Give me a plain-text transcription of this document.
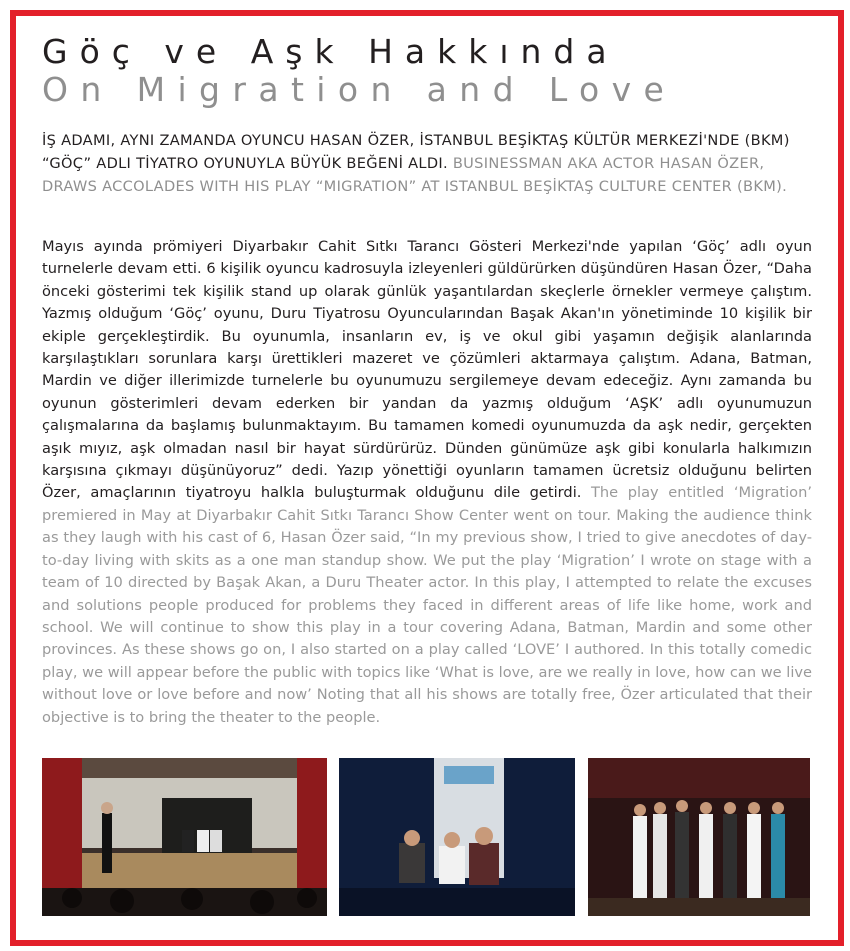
Göç ve Aşk Hakkında
On Migration and Love
İŞ ADAMI, AYNI ZAMANDA OYUNCU HASAN ÖZER, İSTANBUL BEŞİKTAŞ KÜLTÜR MERKEZİ'NDE (BKM) “GÖÇ” ADLI TİYATRO OYUNUYLA BÜYÜK BEĞENİ ALDI. BUSINESSMAN AKA ACTOR HASAN ÖZER, DRAWS ACCOLADES WITH HIS PLAY “MIGRATION” AT ISTANBUL BEŞİKTAŞ CULTURE CENTER (BKM).
Mayıs ayında prömiyeri Diyarbakır Cahit Sıtkı Tarancı Gösteri Merkezi'nde yapılan ‘Göç’ adlı oyun turnelerle devam etti. 6 kişilik oyuncu kadrosuyla izleyenleri güldürürken düşündüren Hasan Özer, “Daha önceki gösterimi tek kişilik stand up olarak günlük yaşantılardan skeçlerle örnekler vermeye çalıştım. Yazmış olduğum ‘Göç’ oyunu, Duru Tiyatrosu Oyuncularından Başak Akan'ın yönetiminde 10 kişilik bir ekiple gerçekleştirdik. Bu oyunumla, insanların ev, iş ve okul gibi yaşamın değişik alanlarında karşılaştıkları sorunlara karşı ürettikleri mazeret ve çözümleri aktarmaya çalıştım. Adana, Batman, Mardin ve diğer illerimizde turnelerle bu oyunumuzu sergilemeye devam edeceğiz. Aynı zamanda bu oyunun gösterimleri devam ederken bir yandan da yazmış olduğum ‘AŞK’ adlı oyunumuzun çalışmalarına da başlamış bulunmaktayım. Bu tamamen komedi oyunumuzda da aşk nedir, gerçekten aşık mıyız, aşk olmadan nasıl bir hayat sürdürürüz. Dünden günümüze aşk gibi konularla halkımızın karşısına çıkmayı düşünüyoruz” dedi. Yazıp yönettiği oyunların tamamen ücretsiz olduğunu belirten Özer, amaçlarının tiyatroyu halkla buluşturmak olduğunu dile getirdi. The play entitled ‘Migration’ premiered in May at Diyarbakır Cahit Sıtkı Tarancı Show Center went on tour. Making the audience think as they laugh with his cast of 6, Hasan Özer said, “In my previous show, I tried to give anecdotes of day-to-day living with skits as a one man standup show. We put the play ‘Migration’ I wrote on stage with a team of 10 directed by Başak Akan, a Duru Theater actor. In this play, I attempted to relate the excuses and solutions people produced for problems they faced in different areas of life like home, work and school. We will continue to show this play in a tour covering Adana, Batman, Mardin and some other provinces. As these shows go on, I also started on a play called ‘LOVE’ I authored. In this totally comedic play, we will appear before the public with topics like ‘What is love, are we really in love, how can we live without love or love before and now’ Noting that all his shows are totally free, Özer articulated that their objective is to bring the theater to the people.
